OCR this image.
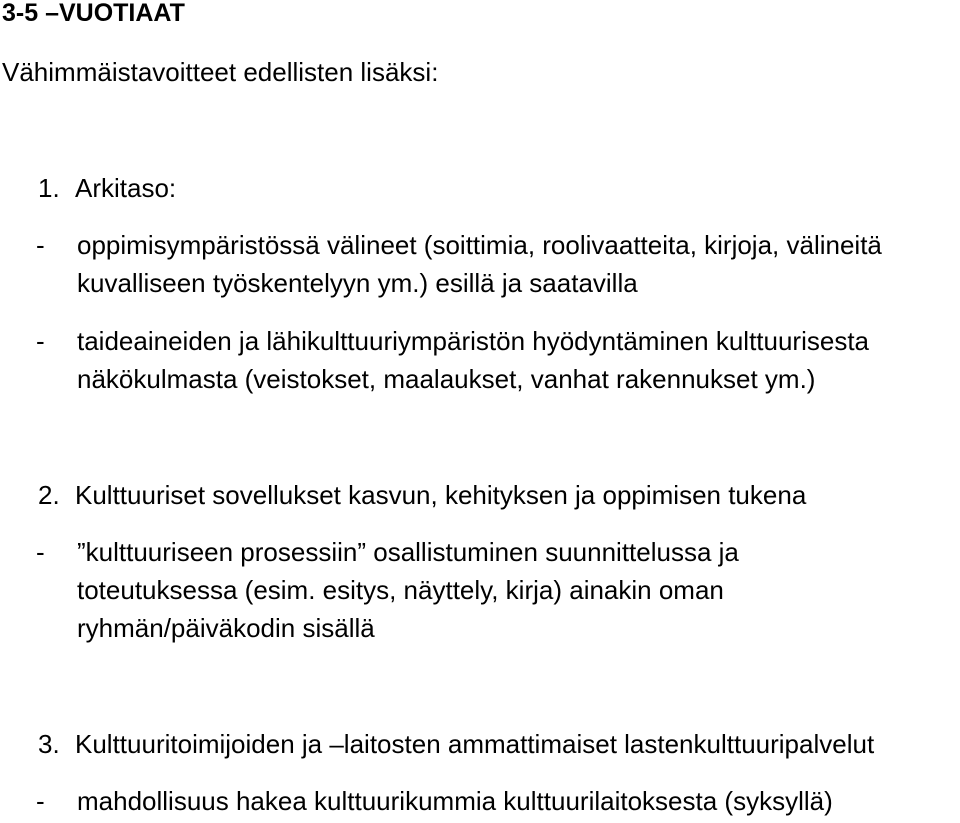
3-5 –VUOTIAAT
Vähimmäistavoitteet edellisten lisäksi:
1. Arkitaso:
- oppimisympäristössä välineet (soittimia, roolivaatteita, kirjoja, välineitä
kuvalliseen työskentelyyn ym.) esillä ja saatavilla
- taideaineiden ja lähikulttuuriympäristön hyödyntäminen kulttuurisesta
näkökulmasta (veistokset, maalaukset, vanhat rakennukset ym.)
2. Kulttuuriset sovellukset kasvun, kehityksen ja oppimisen tukena
- ”kulttuuriseen prosessiin” osallistuminen suunnittelussa ja
toteutuksessa (esim. esitys, näyttely, kirja) ainakin oman
ryhmän/päiväkodin sisällä
3. Kulttuuritoimijoiden ja –laitosten ammattimaiset lastenkulttuuripalvelut
- mahdollisuus hakea kulttuurikummia kulttuurilaitoksesta (syksyllä)
